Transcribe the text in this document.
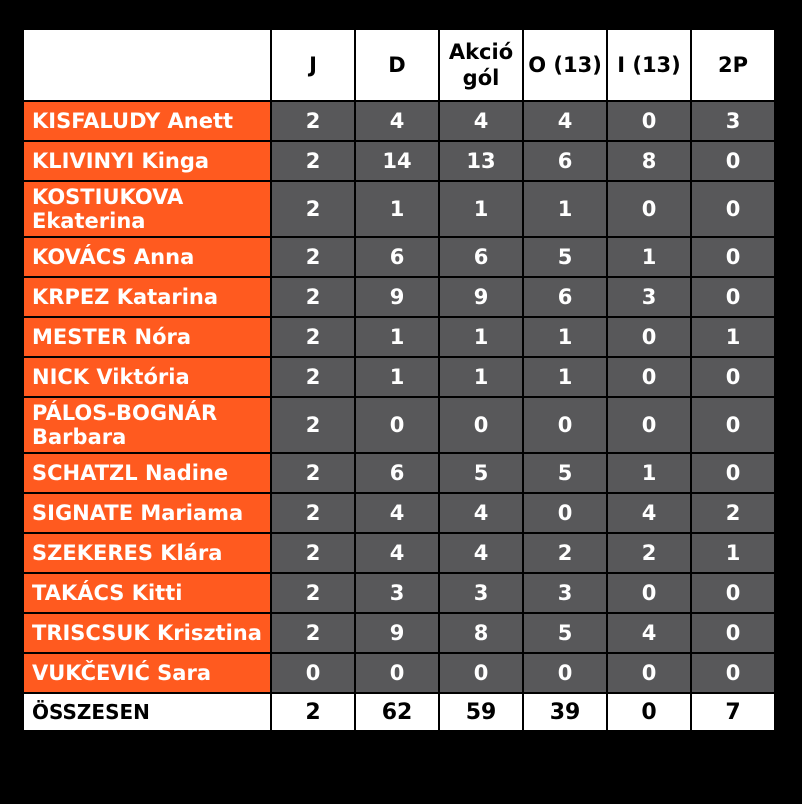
	J	D	Akció gól	O (13)	I (13)	2P
KISFALUDY Anett	2	4	4	4	0	3
KLIVINYI Kinga	2	14	13	6	8	0
KOSTIUKOVA Ekaterina	2	1	1	1	0	0
KOVÁCS Anna	2	6	6	5	1	0
KRPEZ Katarina	2	9	9	6	3	0
MESTER Nóra	2	1	1	1	0	1
NICK Viktória	2	1	1	1	0	0
PÁLOS-BOGNÁR Barbara	2	0	0	0	0	0
SCHATZL Nadine	2	6	5	5	1	0
SIGNATE Mariama	2	4	4	0	4	2
SZEKERES Klára	2	4	4	2	2	1
TAKÁCS Kitti	2	3	3	3	0	0
TRISCSUK Krisztina	2	9	8	5	4	0
VUKČEVIĆ Sara	0	0	0	0	0	0
ÖSSZESEN	2	62	59	39	0	7
